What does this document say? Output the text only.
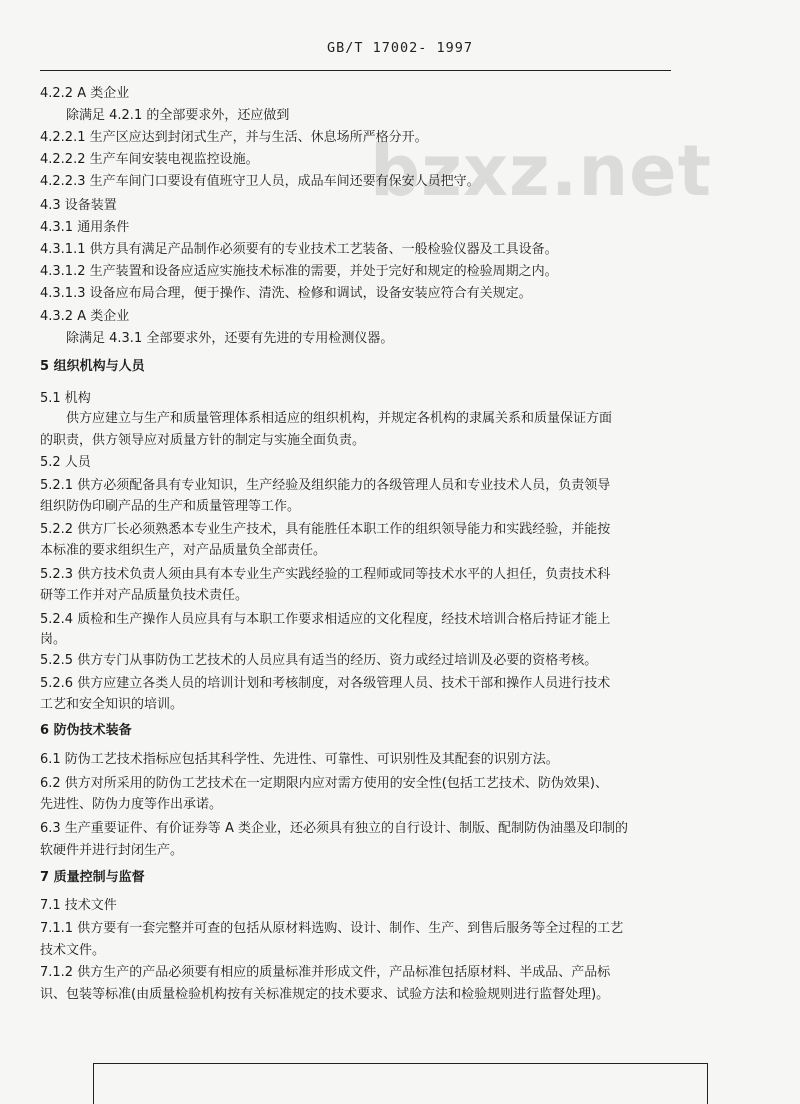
GB/T 17002- 1997
bzxz.net
4.2.2 A 类企业
除满足 4.2.1 的全部要求外，还应做到
4.2.2.1 生产区应达到封闭式生产，并与生活、休息场所严格分开。
4.2.2.2 生产车间安装电视监控设施。
4.2.2.3 生产车间门口要设有值班守卫人员，成品车间还要有保安人员把守。
4.3 设备装置
4.3.1 通用条件
4.3.1.1 供方具有满足产品制作必须要有的专业技术工艺装备、一般检验仪器及工具设备。
4.3.1.2 生产装置和设备应适应实施技术标准的需要，并处于完好和规定的检验周期之内。
4.3.1.3 设备应布局合理，便于操作、清洗、检修和调试，设备安装应符合有关规定。
4.3.2 A 类企业
除满足 4.3.1 全部要求外，还要有先进的专用检测仪器。
5 组织机构与人员
5.1 机构
供方应建立与生产和质量管理体系相适应的组织机构，并规定各机构的隶属关系和质量保证方面
的职责，供方领导应对质量方针的制定与实施全面负责。
5.2 人员
5.2.1 供方必须配备具有专业知识，生产经验及组织能力的各级管理人员和专业技术人员，负责领导
组织防伪印刷产品的生产和质量管理等工作。
5.2.2 供方厂长必须熟悉本专业生产技术，具有能胜任本职工作的组织领导能力和实践经验，并能按
本标准的要求组织生产，对产品质量负全部责任。
5.2.3 供方技术负责人须由具有本专业生产实践经验的工程师或同等技术水平的人担任，负责技术科
研等工作并对产品质量负技术责任。
5.2.4 质检和生产操作人员应具有与本职工作要求相适应的文化程度，经技术培训合格后持证才能上
岗。
5.2.5 供方专门从事防伪工艺技术的人员应具有适当的经历、资力或经过培训及必要的资格考核。
5.2.6 供方应建立各类人员的培训计划和考核制度，对各级管理人员、技术干部和操作人员进行技术
工艺和安全知识的培训。
6 防伪技术装备
6.1 防伪工艺技术指标应包括其科学性、先进性、可靠性、可识别性及其配套的识别方法。
6.2 供方对所采用的防伪工艺技术在一定期限内应对需方使用的安全性(包括工艺技术、防伪效果)、
先进性、防伪力度等作出承诺。
6.3 生产重要证件、有价证券等 A 类企业，还必须具有独立的自行设计、制版、配制防伪油墨及印制的
软硬件并进行封闭生产。
7 质量控制与监督
7.1 技术文件
7.1.1 供方要有一套完整并可查的包括从原材料选购、设计、制作、生产、到售后服务等全过程的工艺
技术文件。
7.1.2 供方生产的产品必须要有相应的质量标准并形成文件，产品标准包括原材料、半成品、产品标
识、包装等标准(由质量检验机构按有关标准规定的技术要求、试验方法和检验规则进行监督处理)。
